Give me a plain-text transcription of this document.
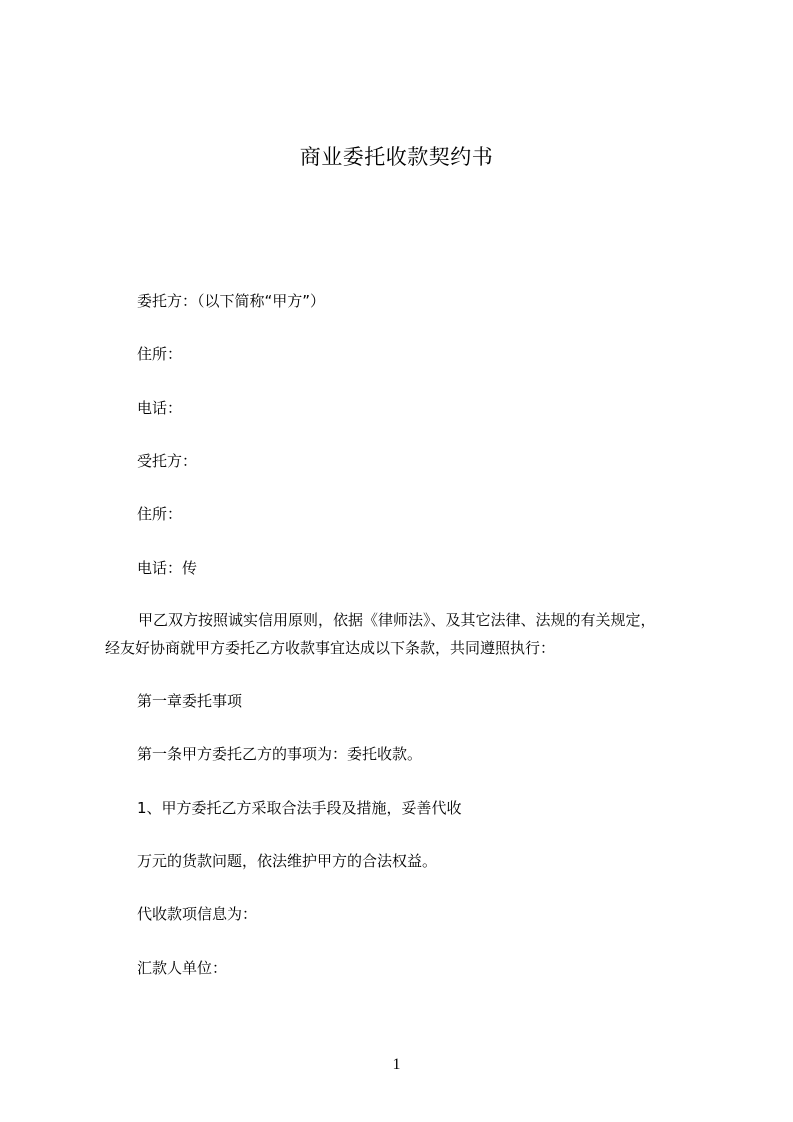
商业委托收款契约书
委托方：（以下简称“甲方”）
住所：
电话：
受托方：
住所：
电话：传
甲乙双方按照诚实信用原则，依据《律师法》、及其它法律、法规的有关规定，
经友好协商就甲方委托乙方收款事宜达成以下条款，共同遵照执行：
第一章委托事项
第一条甲方委托乙方的事项为：委托收款。
1、甲方委托乙方采取合法手段及措施，妥善代收
万元的货款问题，依法维护甲方的合法权益。
代收款项信息为：
汇款人单位：
1
